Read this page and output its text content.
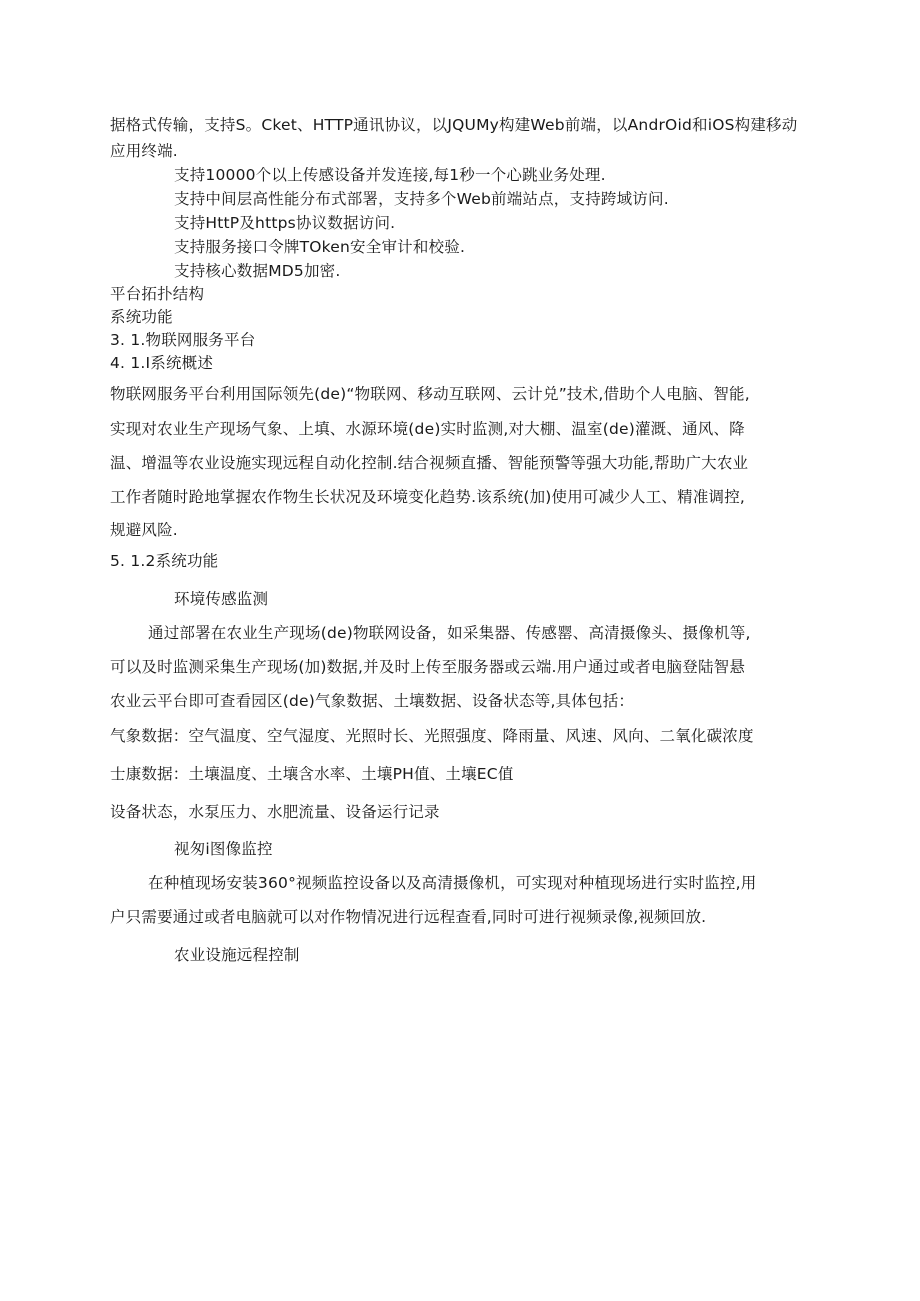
据格式传输，支持S。Cket、HTTP通讯协议，以JQUMy构建Web前端，以AndrOid和iOS构建移动
应用终端.
支持10000个以上传感设备并发连接,每1秒一个心跳业务处理.
支持中间层高性能分布式部署，支持多个Web前端站点，支持跨域访问.
支持HttP及https协议数据访问.
支持服务接口令牌TOken安全审计和校验.
支持核心数据MD5加密.
平台拓扑结构
系统功能
3. 1.物联网服务平台
4. 1.I系统概述
物联网服务平台利用国际领先(de)“物联网、移动互联网、云计兑”技术,借助个人电脑、智能,
实现对农业生产现场气象、上填、水源环境(de)实时监测,对大棚、温室(de)灌溉、通风、降
温、增温等农业设施实现远程自动化控制.结合视频直播、智能预警等强大功能,帮助广大农业
工作者随时跄地掌握农作物生长状况及环境变化趋势.该系统(加)使用可减少人工、精准调控,
规避风险.
5. 1.2系统功能
环境传感监测
通过部署在农业生产现场(de)物联网设备，如采集器、传感罂、高清摄像头、摄像机等,
可以及时监测采集生产现场(加)数据,并及时上传至服务器或云端.用户通过或者电脑登陆智悬
农业云平台即可查看园区(de)气象数据、土壤数据、设备状态等,具体包括：
气象数据：空气温度、空气湿度、光照时长、光照强度、降雨量、风速、风向、二氧化碳浓度
士康数据：土壤温度、土壤含水率、土壤PH值、土壤EC值
设备状态，水泵压力、水肥流量、设备运行记录
视匆i图像监控
在种植现场安装360°视频监控设备以及高清摄像机，可实现对种植现场进行实时监控,用
户只需要通过或者电脑就可以对作物情况进行远程查看,同时可进行视频录像,视频回放.
农业设施远程控制
